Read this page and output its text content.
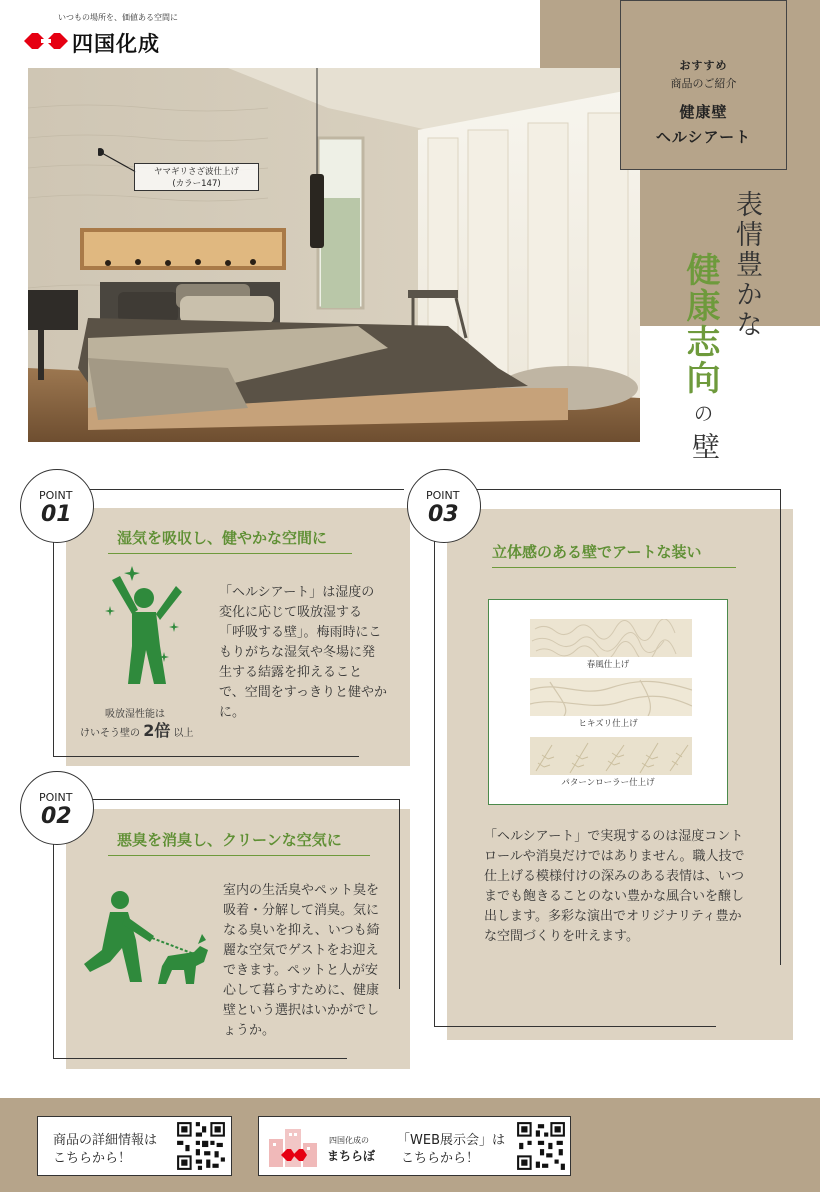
いつもの場所を、価値ある空間に
四国化成
ヤマギリさざ波仕上げ
(カラー147)
おすすめ
商品のご紹介
健康壁
ヘルシアート
表情豊かな
健康志向
の
壁
POINT
01
湿気を吸収し、健やかな空間に
「ヘルシアート」は湿度の変化に応じて吸放湿する「呼吸する壁」。梅雨時にこもりがちな湿気や冬場に発生する結露を抑えることで、空間をすっきりと健やかに。
吸放湿性能は
けいそう壁の 2倍 以上
POINT
02
悪臭を消臭し、クリーンな空気に
室内の生活臭やペット臭を吸着・分解して消臭。気になる臭いを抑え、いつも綺麗な空気でゲストをお迎えできます。ペットと人が安心して暮らすために、健康壁という選択はいかがでしょうか。
POINT
03
立体感のある壁でアートな装い
春風仕上げ
ヒキズリ仕上げ
パターンローラー仕上げ
「ヘルシアート」で実現するのは湿度コントロールや消臭だけではありません。職人技で仕上げる模様付けの深みのある表情は、いつまでも飽きることのない豊かな風合いを醸し出します。多彩な演出でオリジナリティ豊かな空間づくりを叶えます。
商品の詳細情報は
こちらから！
四国化成の
まちらぼ
「WEB展示会」は
こちらから！
